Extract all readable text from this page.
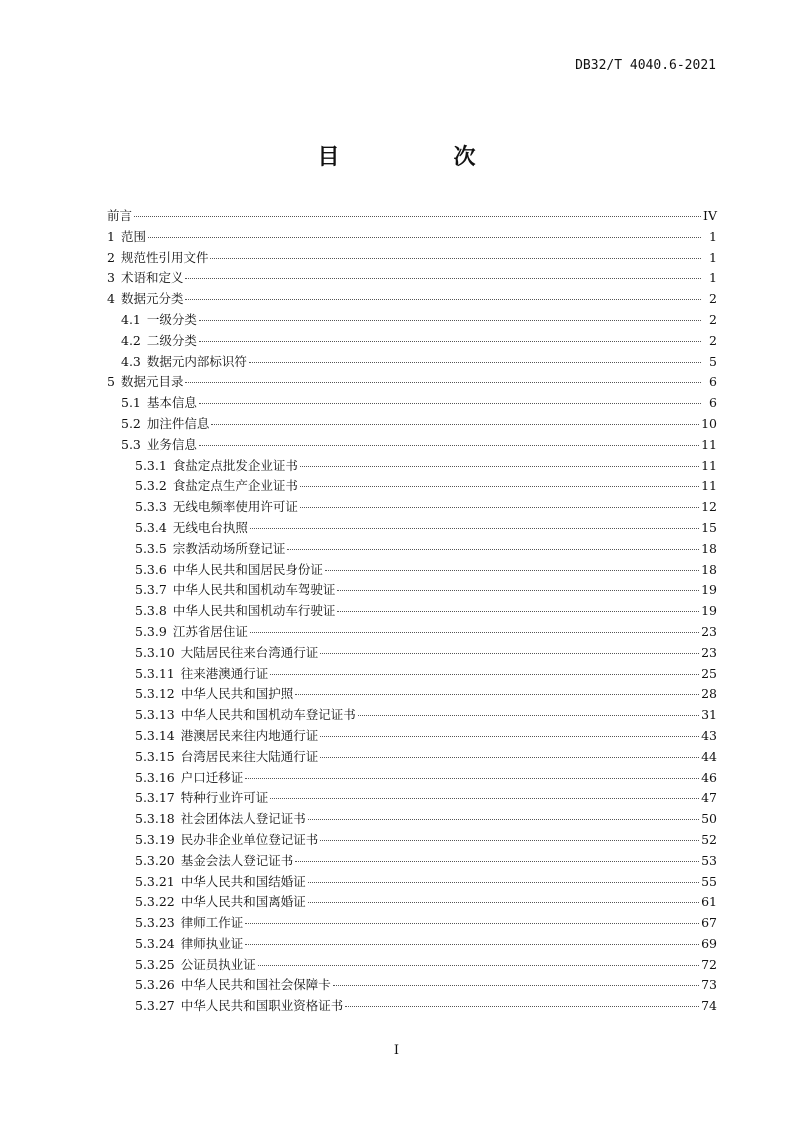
DB32/T 4040.6-2021
目　次
前言	IV
1 范围	1
2 规范性引用文件	1
3 术语和定义	1
4 数据元分类	2
4.1 一级分类	2
4.2 二级分类	2
4.3 数据元内部标识符	5
5 数据元目录	6
5.1 基本信息	6
5.2 加注件信息	10
5.3 业务信息	11
5.3.1 食盐定点批发企业证书	11
5.3.2 食盐定点生产企业证书	11
5.3.3 无线电频率使用许可证	12
5.3.4 无线电台执照	15
5.3.5 宗教活动场所登记证	18
5.3.6 中华人民共和国居民身份证	18
5.3.7 中华人民共和国机动车驾驶证	19
5.3.8 中华人民共和国机动车行驶证	19
5.3.9 江苏省居住证	23
5.3.10 大陆居民往来台湾通行证	23
5.3.11 往来港澳通行证	25
5.3.12 中华人民共和国护照	28
5.3.13 中华人民共和国机动车登记证书	31
5.3.14 港澳居民来往内地通行证	43
5.3.15 台湾居民来往大陆通行证	44
5.3.16 户口迁移证	46
5.3.17 特种行业许可证	47
5.3.18 社会团体法人登记证书	50
5.3.19 民办非企业单位登记证书	52
5.3.20 基金会法人登记证书	53
5.3.21 中华人民共和国结婚证	55
5.3.22 中华人民共和国离婚证	61
5.3.23 律师工作证	67
5.3.24 律师执业证	69
5.3.25 公证员执业证	72
5.3.26 中华人民共和国社会保障卡	73
5.3.27 中华人民共和国职业资格证书	74
I
